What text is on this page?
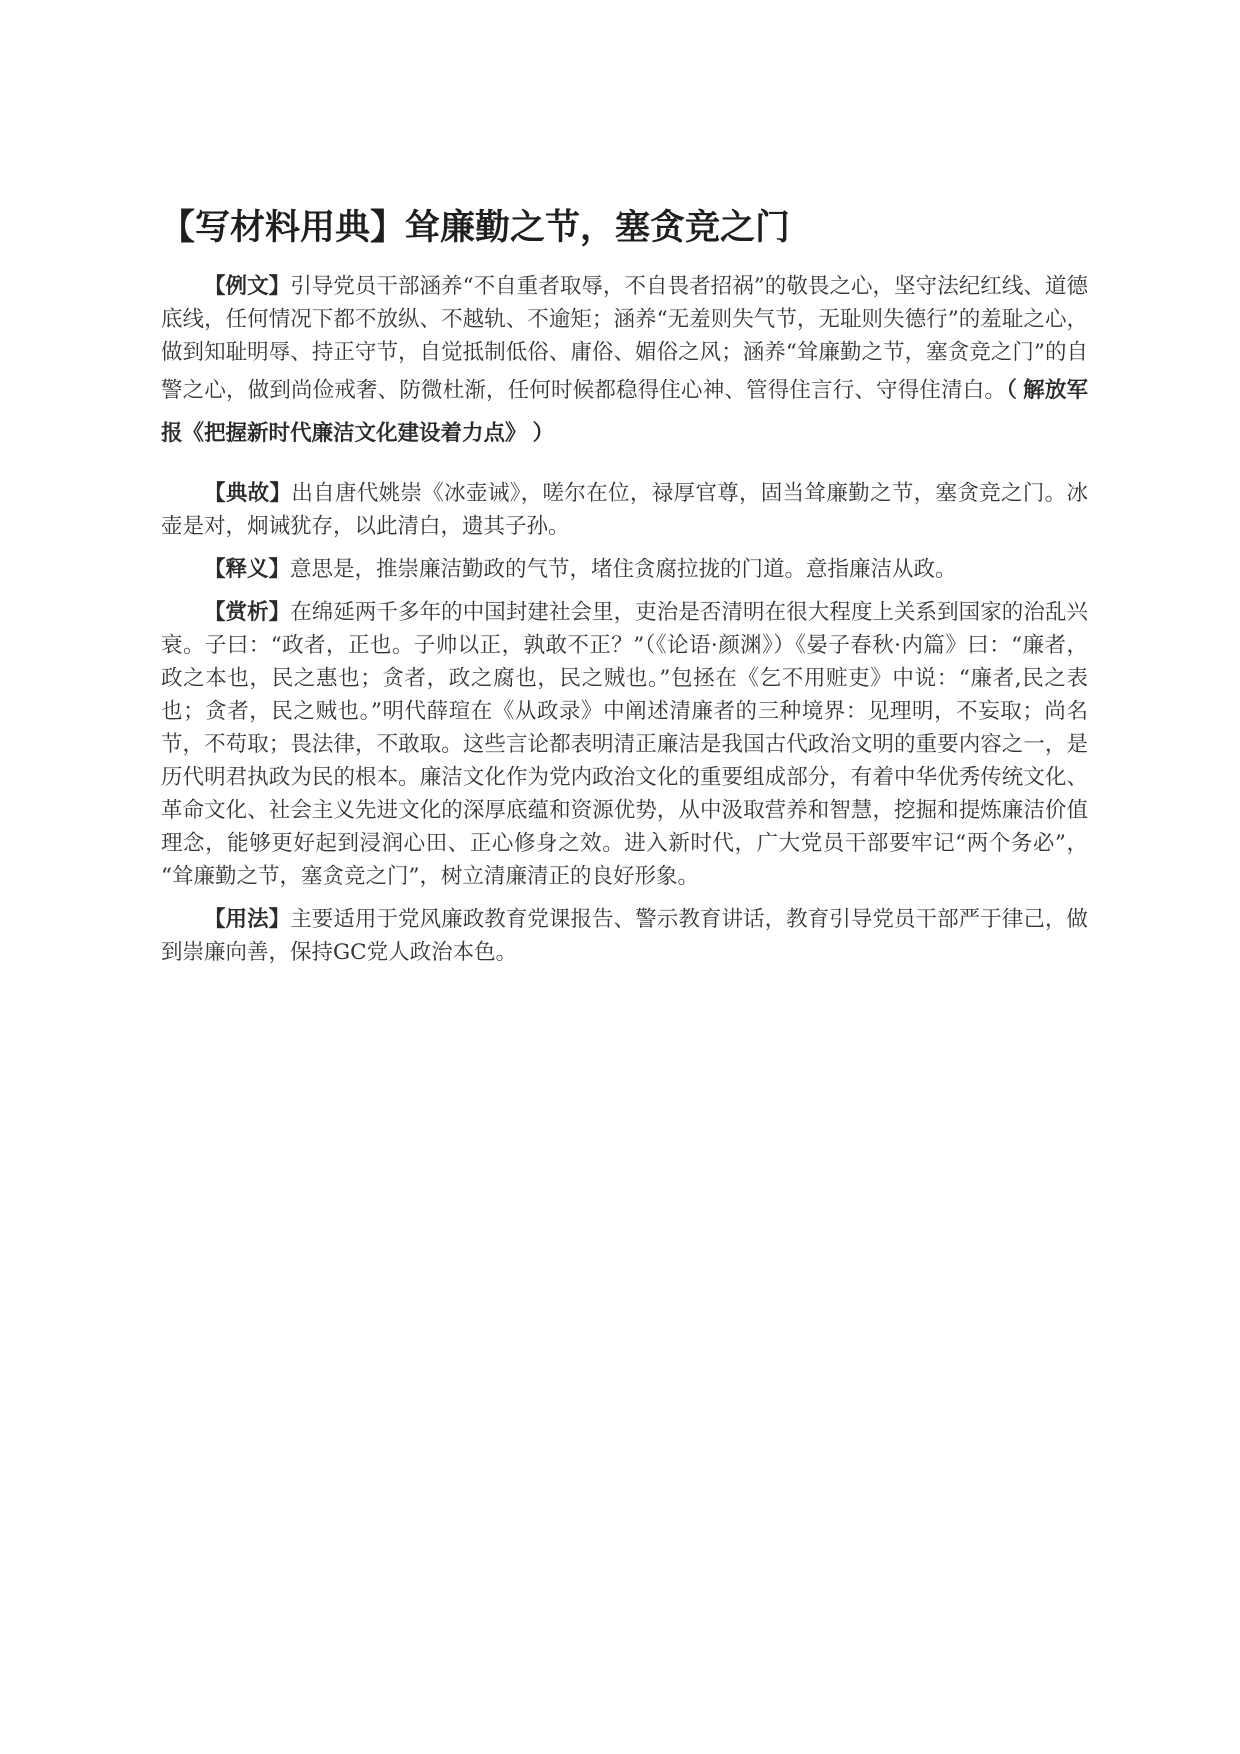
【写材料用典】耸廉勤之节，塞贪竞之门

【例文】引导党员干部涵养“不自重者取辱，不自畏者招祸”的敬畏之心，坚守法纪红线、道德底线，任何情况下都不放纵、不越轨、不逾矩；涵养“无羞则失气节，无耻则失德行”的羞耻之心，做到知耻明辱、持正守节，自觉抵制低俗、庸俗、媚俗之风；涵养“耸廉勤之节，塞贪竞之门”的自警之心，做到尚俭戒奢、防微杜渐，任何时候都稳得住心神、管得住言行、守得住清白。（ 解放军报《把握新时代廉洁文化建设着力点》 ）

【典故】出自唐代姚崇《冰壶诫》，嗟尔在位，禄厚官尊，固当耸廉勤之节，塞贪竞之门。冰壶是对，炯诫犹存，以此清白，遗其子孙。

【释义】意思是，推崇廉洁勤政的气节，堵住贪腐拉拢的门道。意指廉洁从政。

【赏析】在绵延两千多年的中国封建社会里，吏治是否清明在很大程度上关系到国家的治乱兴衰。子曰：“政者，正也。子帅以正，孰敢不正？”（《论语·颜渊》）《晏子春秋·内篇》曰：“廉者，政之本也，民之惠也；贪者，政之腐也，民之贼也。”包拯在《乞不用赃吏》中说：“廉者,民之表也；贪者，民之贼也。”明代薛瑄在《从政录》中阐述清廉者的三种境界：见理明，不妄取；尚名节，不苟取；畏法律，不敢取。这些言论都表明清正廉洁是我国古代政治文明的重要内容之一，是历代明君执政为民的根本。廉洁文化作为党内政治文化的重要组成部分，有着中华优秀传统文化、革命文化、社会主义先进文化的深厚底蕴和资源优势，从中汲取营养和智慧，挖掘和提炼廉洁价值理念，能够更好起到浸润心田、正心修身之效。进入新时代，广大党员干部要牢记“两个务必”， “耸廉勤之节，塞贪竞之门”，树立清廉清正的良好形象。

【用法】主要适用于党风廉政教育党课报告、警示教育讲话，教育引导党员干部严于律己，做到崇廉向善，保持GC党人政治本色。
